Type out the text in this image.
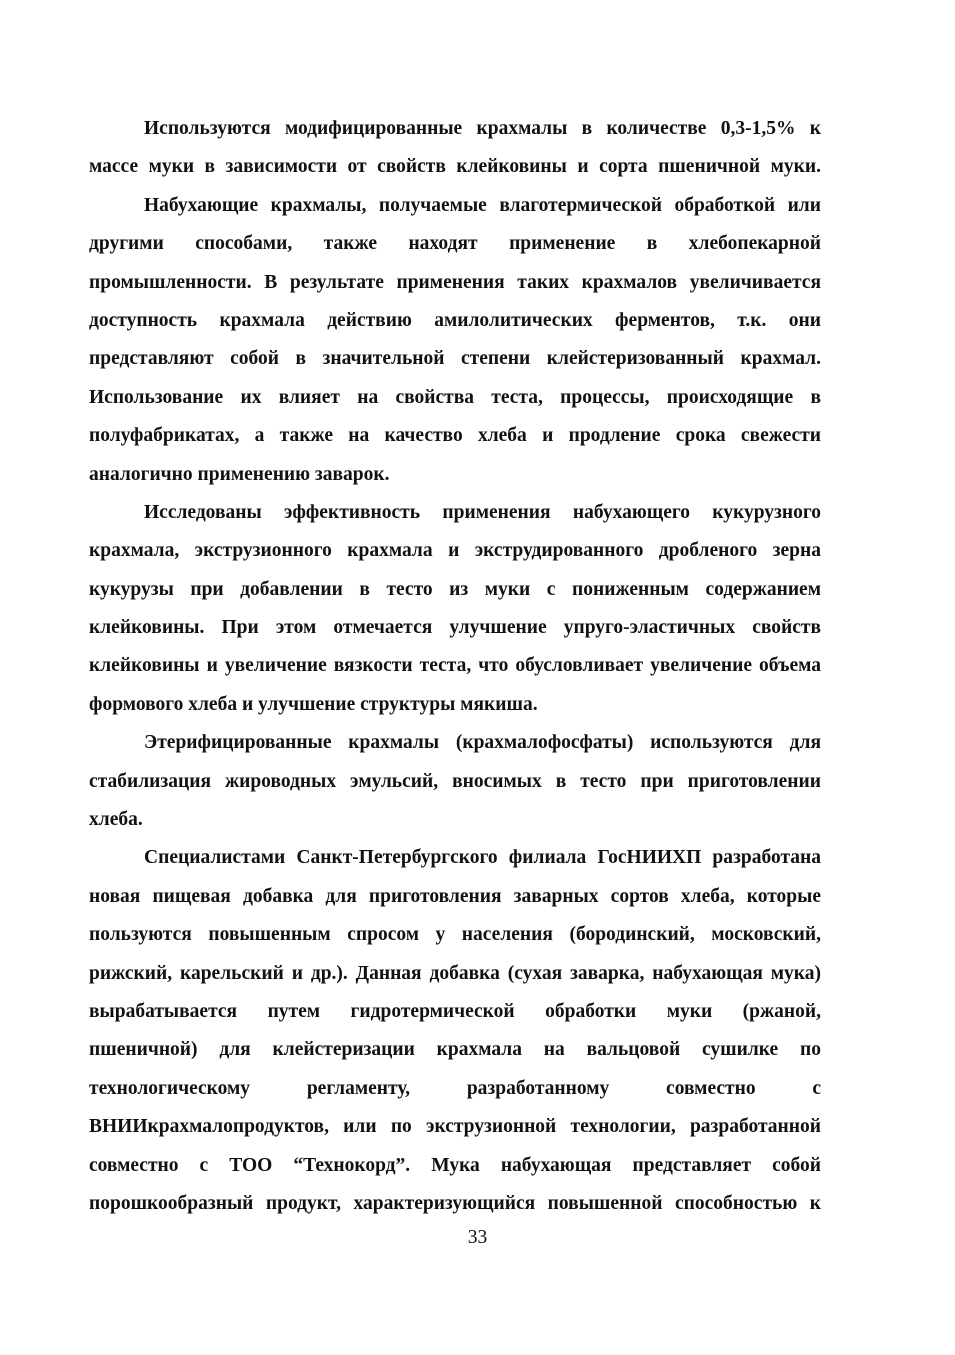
Используются модифицированные крахмалы в количестве 0,3-1,5% к
массе муки в зависимости от свойств клейковины и сорта пшеничной муки.
Набухающие крахмалы, получаемые влаготермической обработкой или
другими способами, также находят применение в хлебопекарной
промышленности. В результате применения таких крахмалов увеличивается
доступность крахмала действию амилолитических ферментов, т.к. они
представляют собой в значительной степени клейстеризованный крахмал.
Использование их влияет на свойства теста, процессы, происходящие в
полуфабрикатах, а также на качество хлеба и продление срока свежести
аналогично применению заварок.
Исследованы эффективность применения набухающего кукурузного
крахмала, экструзионного крахмала и экструдированного дробленого зерна
кукурузы при добавлении в тесто из муки с пониженным содержанием
клейковины. При этом отмечается улучшение упруго-эластичных свойств
клейковины и увеличение вязкости теста, что обусловливает увеличение объема
формового хлеба и улучшение структуры мякиша.
Этерифицированные крахмалы (крахмалофосфаты) используются для
стабилизация жироводных эмульсий, вносимых в тесто при приготовлении
хлеба.
Специалистами Санкт-Петербургского филиала ГосНИИХП разработана
новая пищевая добавка для приготовления заварных сортов хлеба, которые
пользуются повышенным спросом у населения (бородинский, московский,
рижский, карельский и др.). Данная добавка (сухая заварка, набухающая мука)
вырабатывается путем гидротермической обработки муки (ржаной,
пшеничной) для клейстеризации крахмала на вальцовой сушилке по
технологическому регламенту, разработанному совместно с
ВНИИкрахмалопродуктов, или по экструзионной технологии, разработанной
совместно с ТОО “Технокорд”. Мука набухающая представляет собой
порошкообразный продукт, характеризующийся повышенной способностью к
33
